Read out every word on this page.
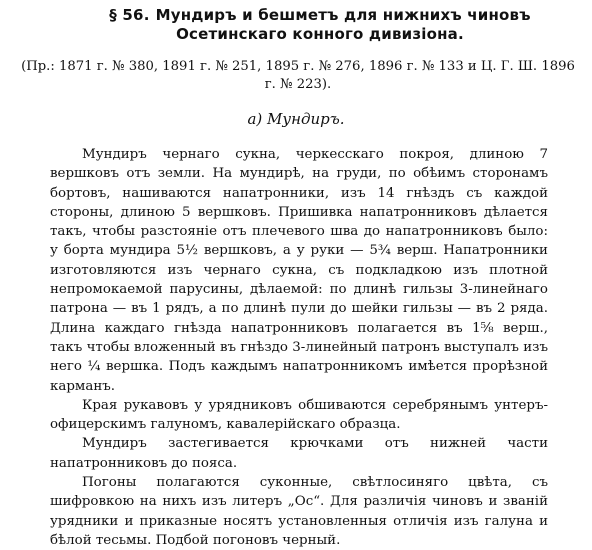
§ 56. Мундиръ и бешметъ для нижнихъ чиновъ Осетинскаго конного дивизіона.
(Пр.: 1871 г. № 380, 1891 г. № 251, 1895 г. № 276, 1896 г. № 133 и Ц. Г. Ш. 1896 г. № 223).
а) Мундиръ.

Мундиръ чернаго сукна, черкесскаго покроя, длиною 7 вершковъ отъ земли. На мундирѣ, на груди, по обѣимъ сторонамъ бортовъ, нашиваются напатронники, изъ 14 гнѣздъ съ каждой стороны, длиною 5 вершковъ. Пришивка напатронниковъ дѣлается такъ, чтобы разстояніе отъ плечевого шва до напатронниковъ было: у борта мундира 5½ вершковъ, а у руки — 5¾ верш. Напатронники изготовляются изъ чернаго сукна, съ подкладкою изъ плотной непромокаемой парусины, дѣлаемой: по длинѣ гильзы 3-линейнаго патрона — въ 1 рядъ, а по длинѣ пули до шейки гильзы — въ 2 ряда. Длина каждаго гнѣзда напатронниковъ полагается въ 1⅝ верш., такъ чтобы вложенный въ гнѣздо 3-линейный патронъ выступалъ изъ него ¼ вершка. Подъ каждымъ напатронникомъ имѣется прорѣзной карманъ.

Края рукавовъ у урядниковъ обшиваются серебрянымъ унтеръ-офицерскимъ галуномъ, кавалерійскаго образца.

Мундиръ застегивается крючками отъ нижней части напатронниковъ до пояса.

Погоны полагаются суконные, свѣтлосиняго цвѣта, съ шифровкою на нихъ изъ литеръ „Ос“. Для различія чиновъ и званій урядники и приказные носятъ установленныя отличія изъ галуна и бѣлой тесьмы. Подбой погоновъ черный.
